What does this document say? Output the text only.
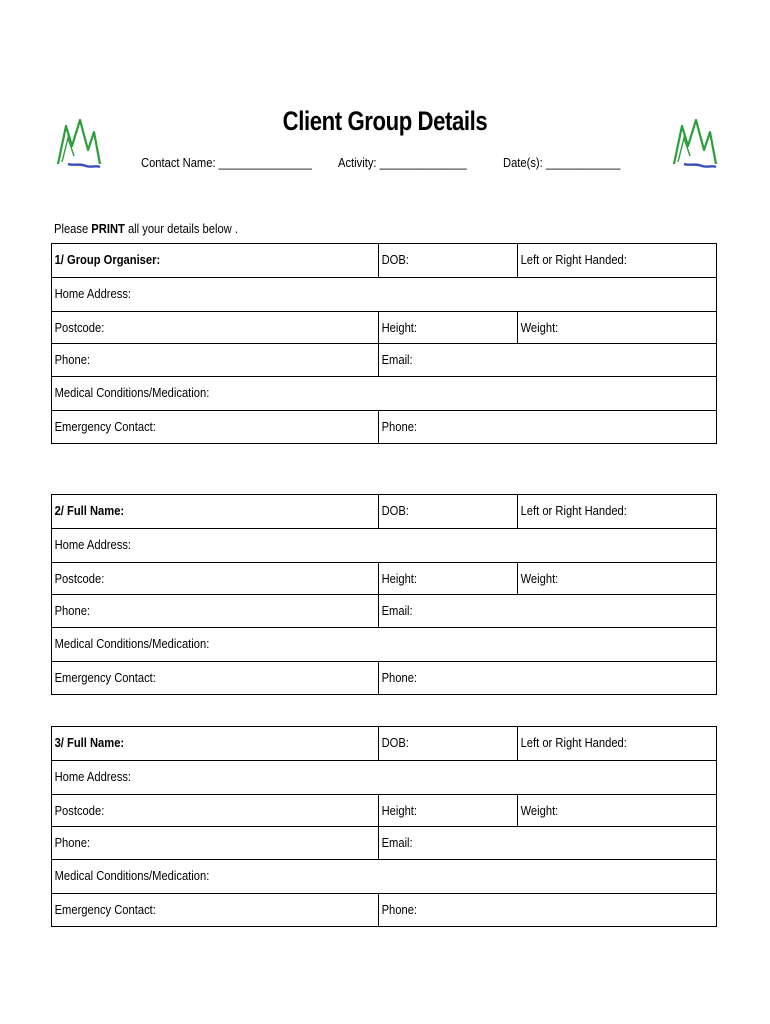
Client Group Details
Contact Name: _______________ Activity: ______________	Date(s): ____________
Please PRINT all your details below .
1/ Group Organiser:	DOB:	Left or Right Handed:
Home Address:
Postcode:	Height:	Weight:
Phone:	Email:
Medical Conditions/Medication:
Emergency Contact:	Phone:
2/ Full Name:	DOB:	Left or Right Handed:
Home Address:
Postcode:	Height:	Weight:
Phone:	Email:
Medical Conditions/Medication:
Emergency Contact:	Phone:
3/ Full Name:	DOB:	Left or Right Handed:
Home Address:
Postcode:	Height:	Weight:
Phone:	Email:
Medical Conditions/Medication:
Emergency Contact:	Phone:
